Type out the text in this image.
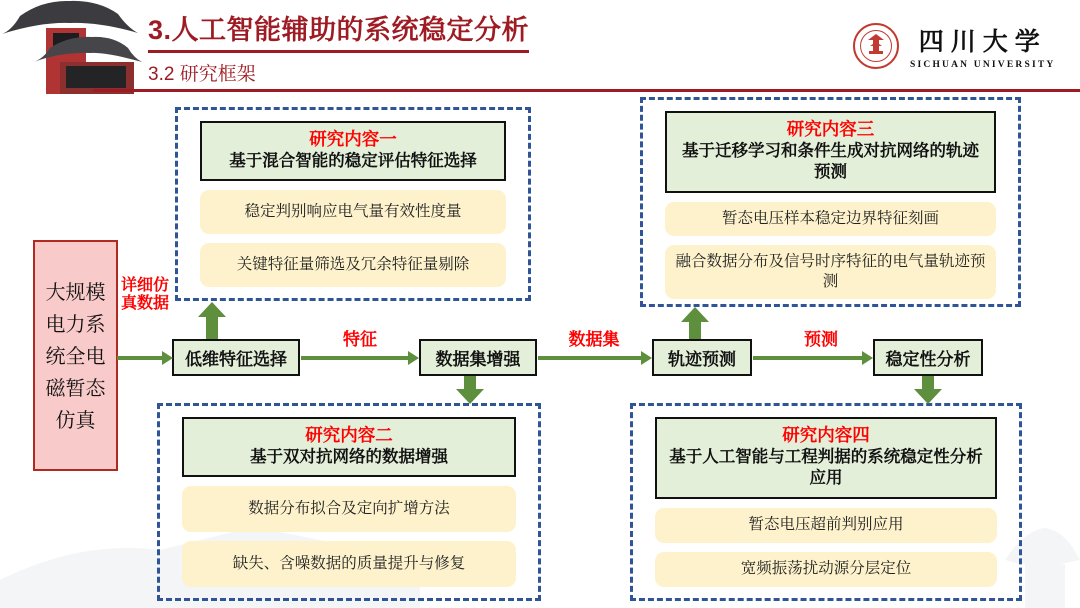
3.人工智能辅助的系统稳定分析
3.2 研究框架
四川大学
SICHUAN UNIVERSITY
研究内容一
基于混合智能的稳定评估特征选择
稳定判别响应电气量有效性度量
关键特征量筛选及冗余特征量剔除
研究内容三
基于迁移学习和条件生成对抗网络的轨迹预测
暂态电压样本稳定边界特征刻画
融合数据分布及信号时序特征的电气量轨迹预测
研究内容二
基于双对抗网络的数据增强
数据分布拟合及定向扩增方法
缺失、含噪数据的质量提升与修复
研究内容四
基于人工智能与工程判据的系统稳定性分析应用
暂态电压超前判别应用
宽频振荡扰动源分层定位
大规模电力系统全电磁暂态仿真
低维特征选择	数据集增强	轨迹预测	稳定性分析
详细仿真数据
特征	数据集	预测
